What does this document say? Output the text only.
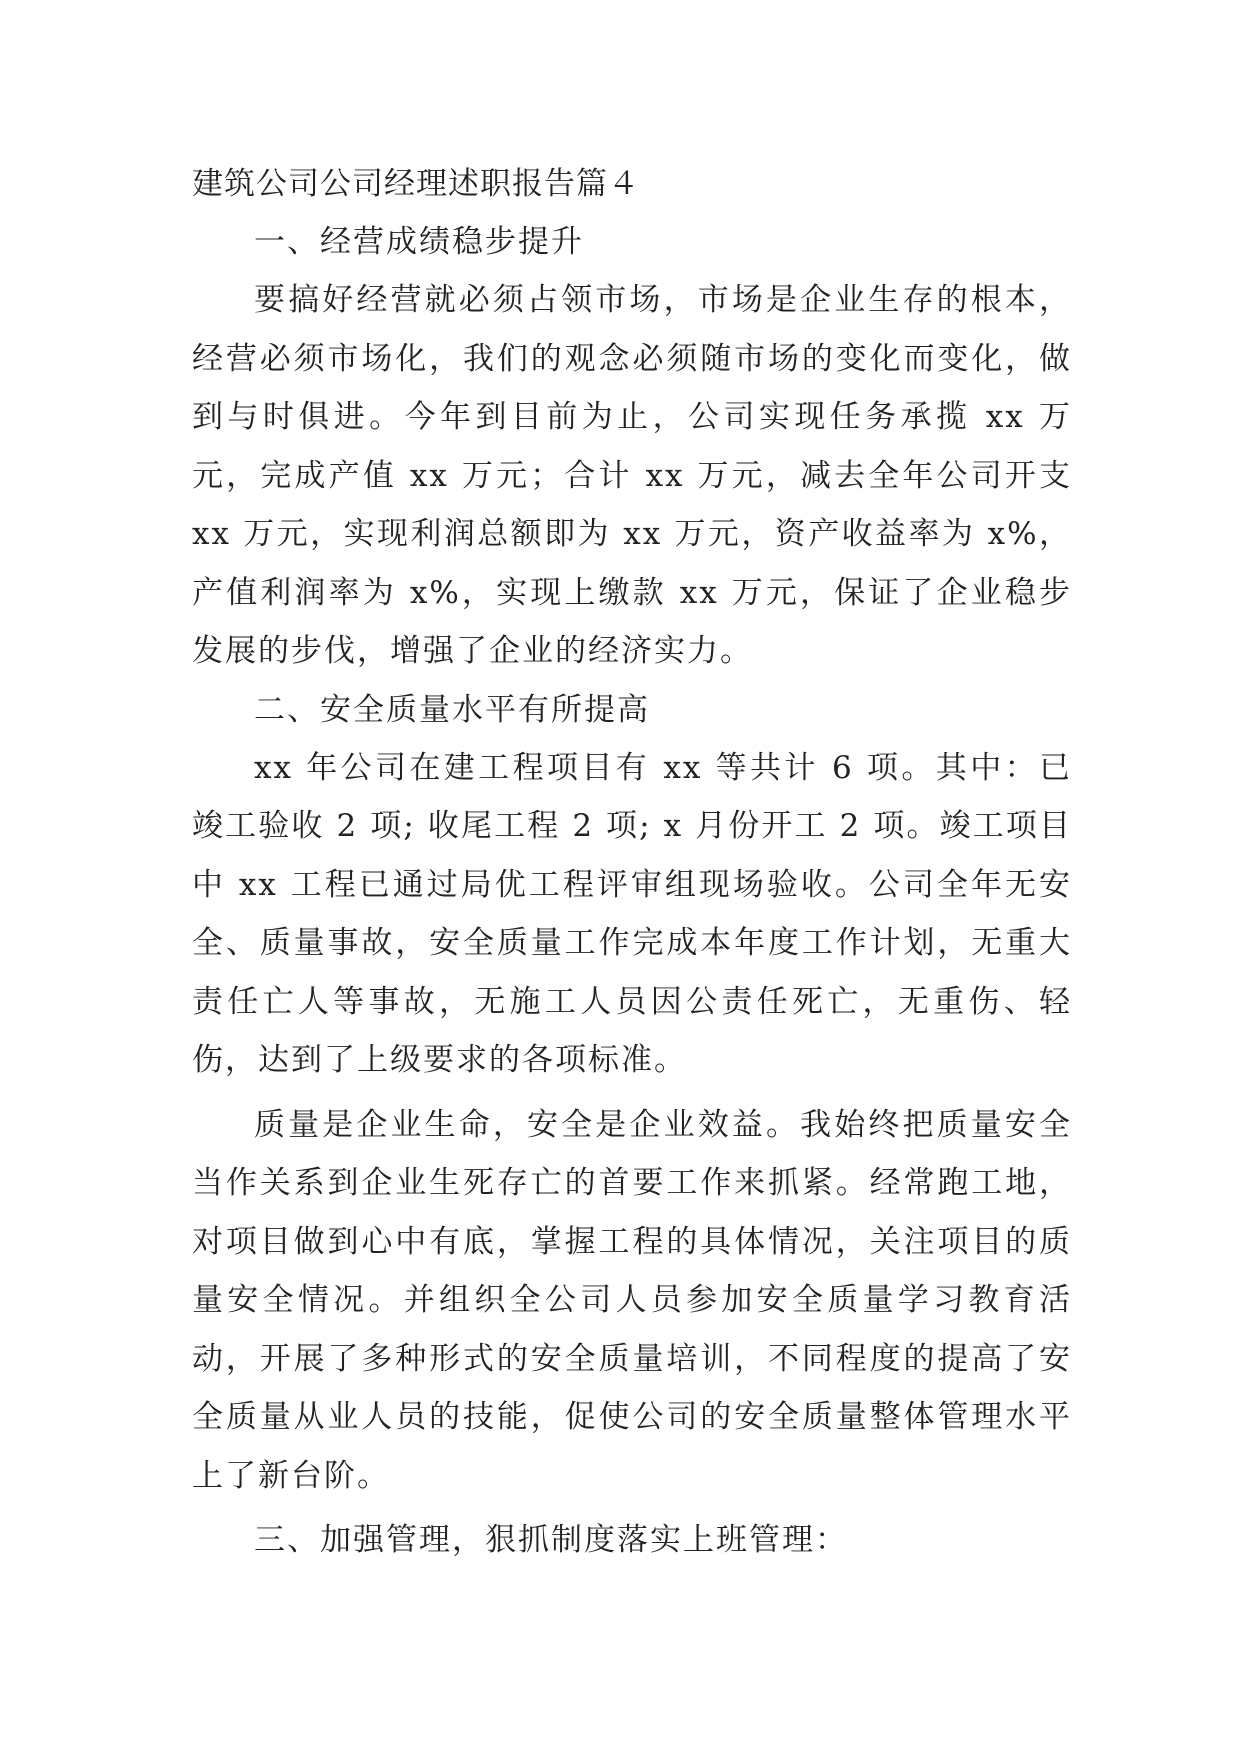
建筑公司公司经理述职报告篇４
一、经营成绩稳步提升

要搞好经营就必须占领市场，市场是企业生存的根本，经营必须市场化，我们的观念必须随市场的变化而变化，做到与时俱进。今年到目前为止，公司实现任务承揽 xx 万元，完成产值 xx 万元；合计 xx 万元，减去全年公司开支 xx 万元，实现利润总额即为 xx 万元，资产收益率为 x%，产值利润率为 x%，实现上缴款 xx 万元，保证了企业稳步发展的步伐，增强了企业的经济实力。

二、安全质量水平有所提高

xx 年公司在建工程项目有 xx 等共计 6 项。其中：已竣工验收 2 项; 收尾工程 2 项; x 月份开工 2 项。竣工项目中 xx 工程已通过局优工程评审组现场验收。公司全年无安全、质量事故，安全质量工作完成本年度工作计划，无重大责任亡人等事故，无施工人员因公责任死亡，无重伤、轻伤，达到了上级要求的各项标准。

质量是企业生命，安全是企业效益。我始终把质量安全当作关系到企业生死存亡的首要工作来抓紧。经常跑工地，对项目做到心中有底，掌握工程的具体情况，关注项目的质量安全情况。并组织全公司人员参加安全质量学习教育活动，开展了多种形式的安全质量培训，不同程度的提高了安全质量从业人员的技能，促使公司的安全质量整体管理水平上了新台阶。

三、加强管理，狠抓制度落实上班管理：
